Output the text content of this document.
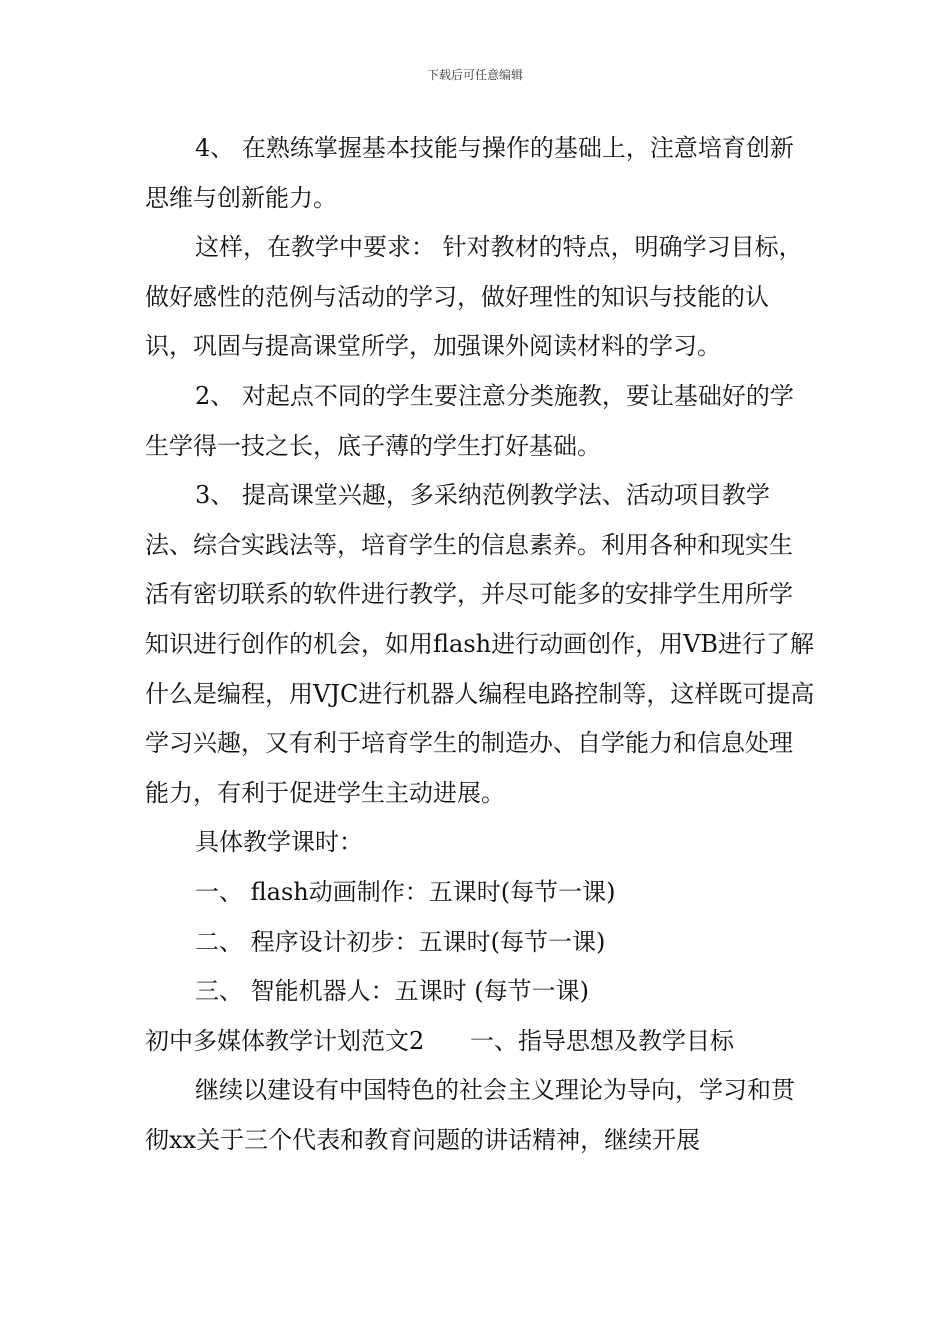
下载后可任意编辑

4、 在熟练掌握基本技能与操作的基础上，注意培育创新思维与创新能力。

这样，在教学中要求： 针对教材的特点，明确学习目标，做好感性的范例与活动的学习，做好理性的知识与技能的认识，巩固与提高课堂所学，加强课外阅读材料的学习。

2、 对起点不同的学生要注意分类施教，要让基础好的学生学得一技之长，底子薄的学生打好基础。

3、 提高课堂兴趣，多采纳范例教学法、活动项目教学法、综合实践法等，培育学生的信息素养。利用各种和现实生活有密切联系的软件进行教学，并尽可能多的安排学生用所学知识进行创作的机会，如用flash进行动画创作，用VB进行了解什么是编程，用VJC进行机器人编程电路控制等，这样既可提高学习兴趣，又有利于培育学生的制造办、自学能力和信息处理能力，有利于促进学生主动进展。

具体教学课时：

一、 flash动画制作：五课时(每节一课)

二、 程序设计初步：五课时(每节一课)

三、 智能机器人：五课时 (每节一课)

初中多媒体教学计划范文2      一、指导思想及教学目标

继续以建设有中国特色的社会主义理论为导向，学习和贯彻xx关于三个代表和教育问题的讲话精神，继续开展
